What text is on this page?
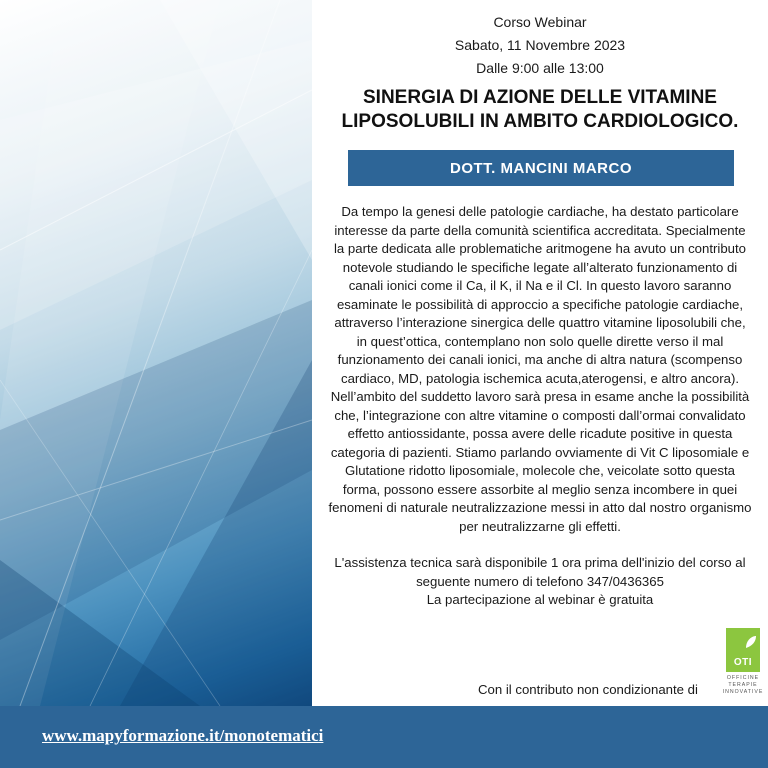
Corso Webinar
Sabato, 11 Novembre 2023
Dalle 9:00 alle 13:00
SINERGIA DI AZIONE DELLE VITAMINE
LIPOSOLUBILI IN AMBITO CARDIOLOGICO.
DOTT. MANCINI MARCO
Da tempo la genesi delle patologie cardiache, ha destato particolare
interesse da parte della comunità scientifica accreditata. Specialmente
la parte dedicata alle problematiche aritmogene ha avuto un contributo
notevole studiando le specifiche legate all’alterato funzionamento di
canali ionici come il Ca, il K, il Na e il Cl. In questo lavoro saranno
esaminate le possibilità di approccio a specifiche patologie cardiache,
attraverso l’interazione sinergica delle quattro vitamine liposolubili che,
in quest’ottica, contemplano non solo quelle dirette verso il mal
funzionamento dei canali ionici, ma anche di altra natura (scompenso
cardiaco, MD, patologia ischemica acuta,aterogensi, e altro ancora).
Nell’ambito del suddetto lavoro sarà presa in esame anche la possibilità
che, l’integrazione con altre vitamine o composti dall’ormai convalidato
effetto antiossidante, possa avere delle ricadute positive in questa
categoria di pazienti. Stiamo parlando ovviamente di Vit C liposomiale e
Glutatione ridotto liposomiale, molecole che, veicolate sotto questa
forma, possono essere assorbite al meglio senza incombere in quei
fenomeni di naturale neutralizzazione messi in atto dal nostro organismo
per neutralizzarne gli effetti.
L'assistenza tecnica sarà disponibile 1 ora prima dell'inizio del corso al
seguente numero di telefono 347/0436365
La partecipazione al webinar è gratuita
Con il contributo non condizionante di
OTI
OFFICINE
TERAPIE
INNOVATIVE
www.mapyformazione.it/monotematici
